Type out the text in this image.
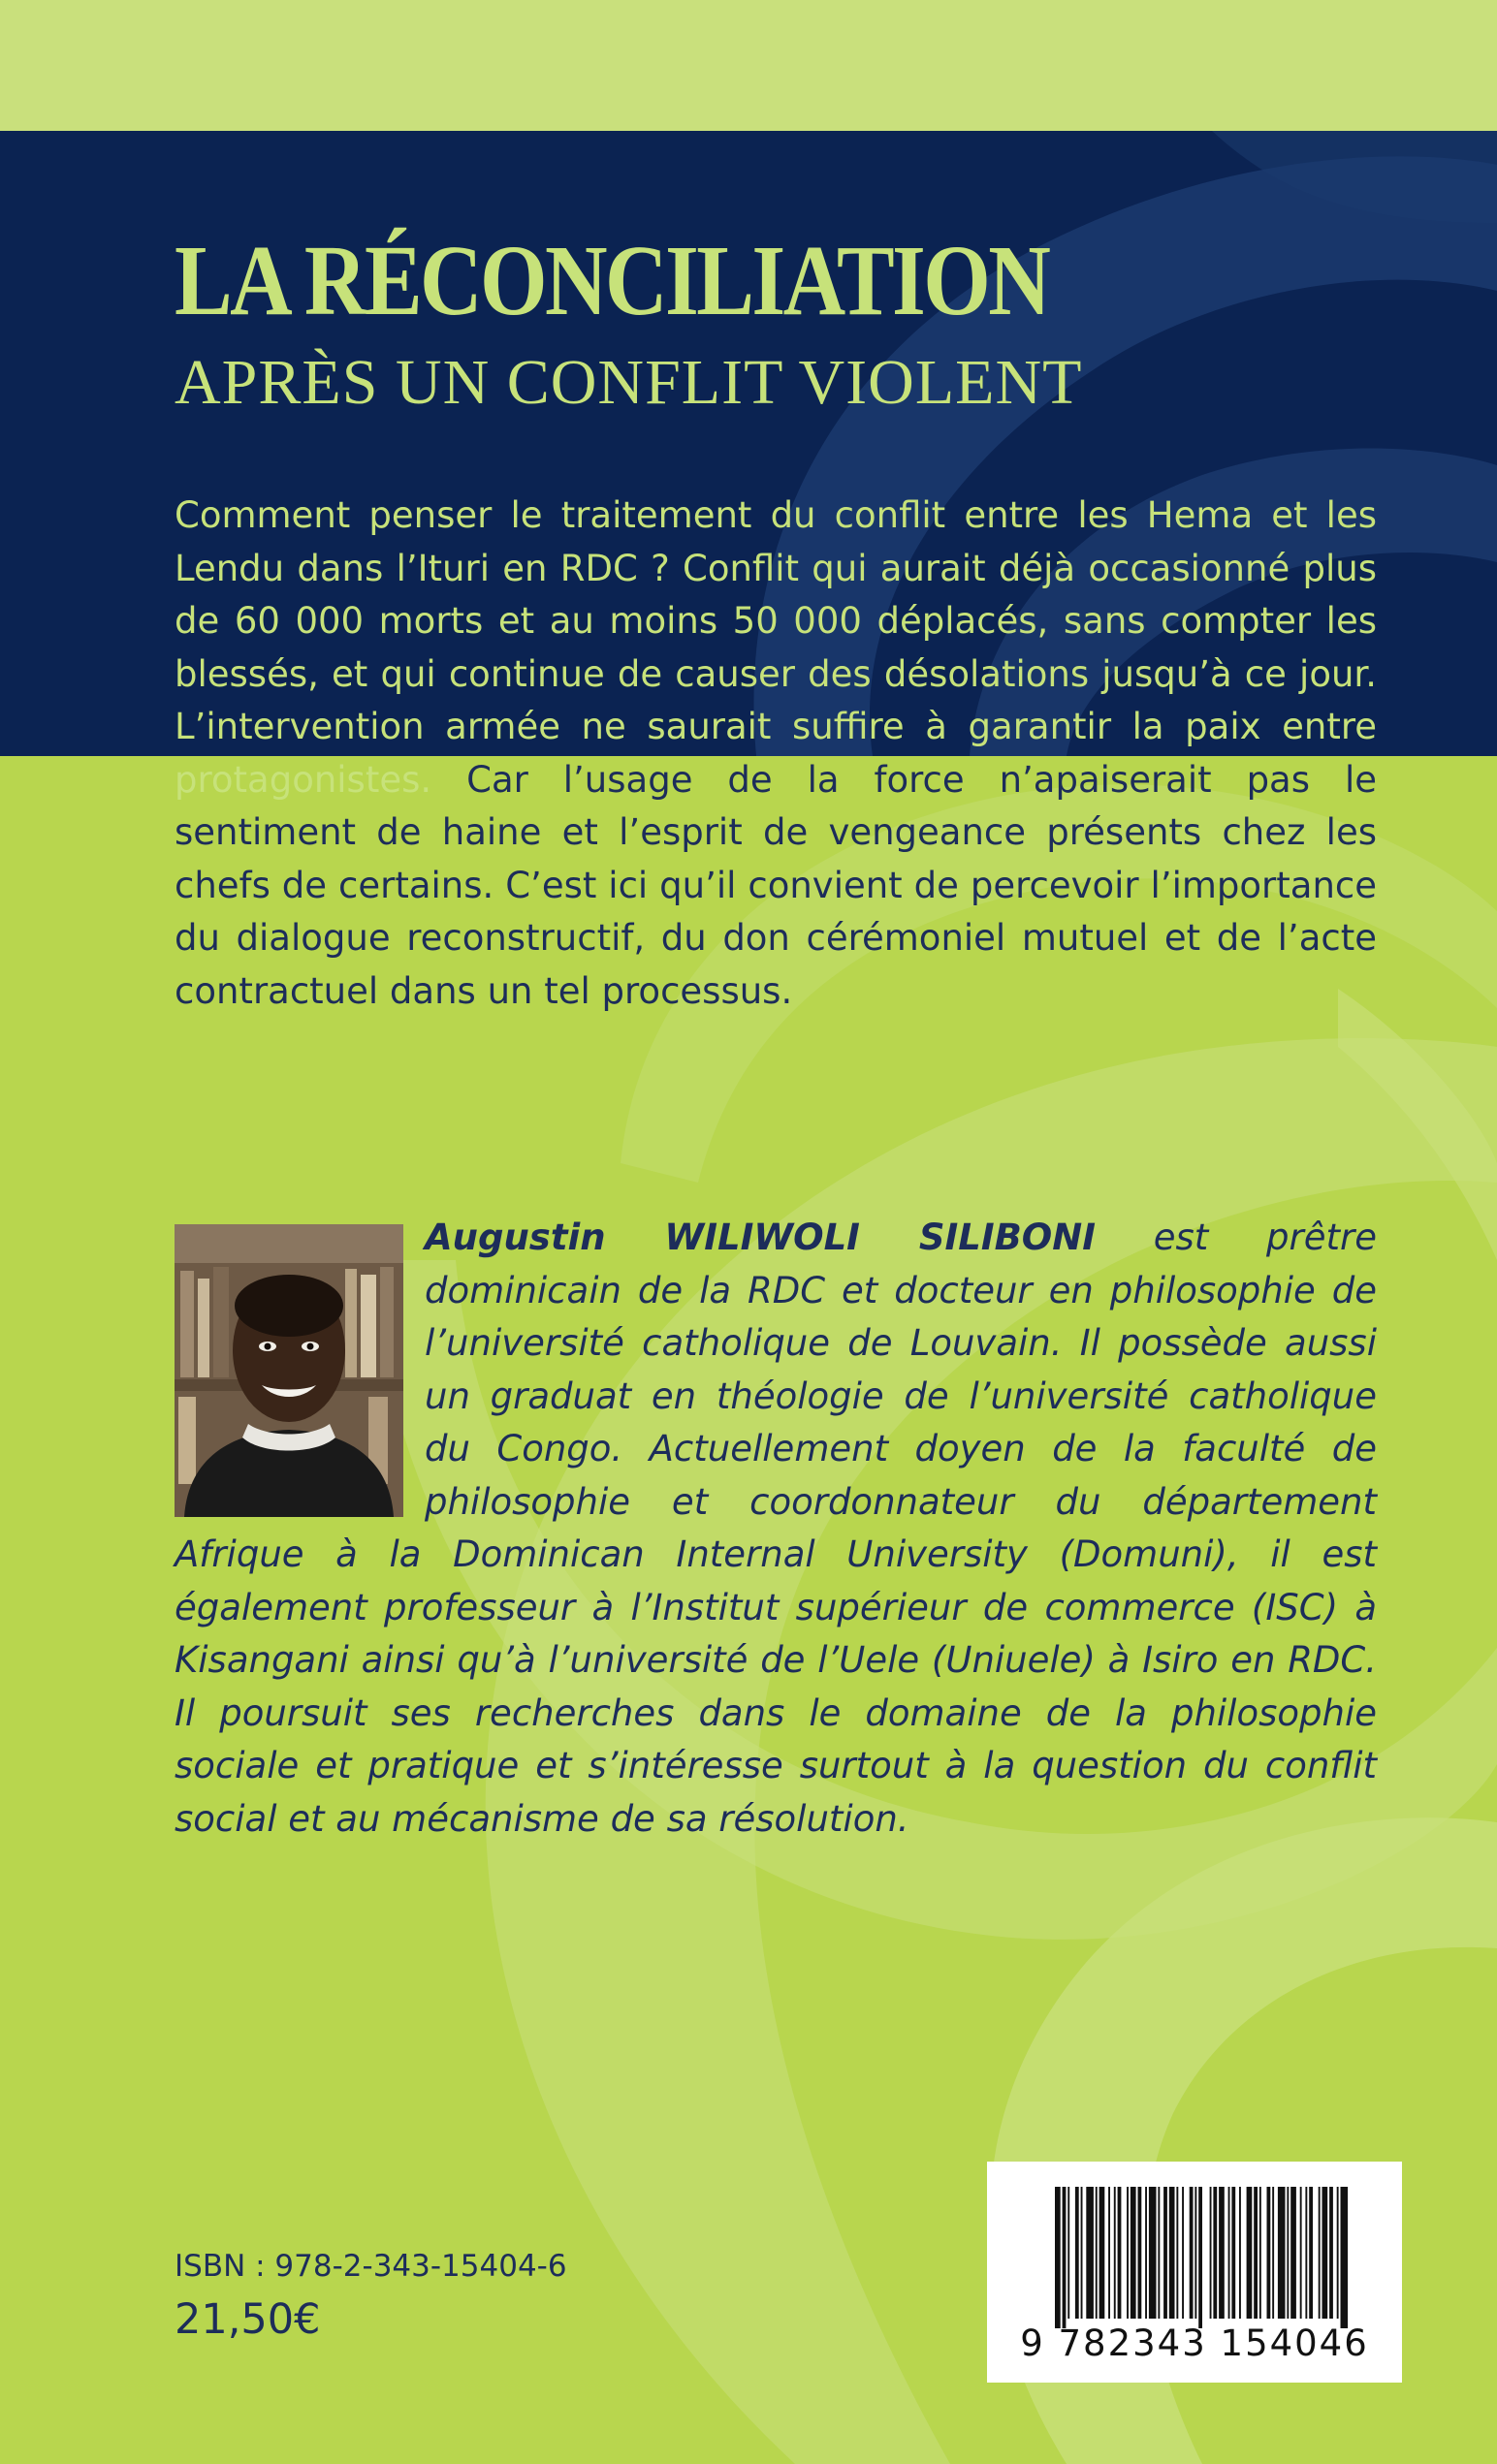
LA RÉCONCILIATION
APRÈS UN CONFLIT VIOLENT
Comment penser le traitement du conflit entre les Hema et les Lendu dans l’Ituri en RDC ? Conflit qui aurait déjà occasionné plus de 60 000 morts et au moins 50 000 déplacés, sans compter les blessés, et qui continue de causer des désolations jusqu’à ce jour. L’intervention armée ne saurait suffire à garantir la paix entre protagonistes. Car l’usage de la force n’apaiserait pas le sentiment de haine et l’esprit de vengeance présents chez les chefs de certains. C’est ici qu’il convient de percevoir l’importance du dialogue reconstructif, du don cérémoniel mutuel et de l’acte contractuel dans un tel processus.
Augustin WILIWOLI SILIBONI est prêtre dominicain de la RDC et docteur en philosophie de l’université catholique de Louvain. Il possède aussi un graduat en théologie de l’université catholique du Congo. Actuellement doyen de la faculté de philosophie et coordonnateur du département Afrique à la Dominican Internal University (Domuni), il est également professeur à l’Institut supérieur de commerce (ISC) à Kisangani ainsi qu’à l’université de l’Uele (Uniuele) à Isiro en RDC. Il poursuit ses recherches dans le domaine de la philosophie sociale et pratique et s’intéresse surtout à la question du conflit social et au mécanisme de sa résolution.
ISBN : 978-2-343-15404-6
21,50€	9 782343 154046
